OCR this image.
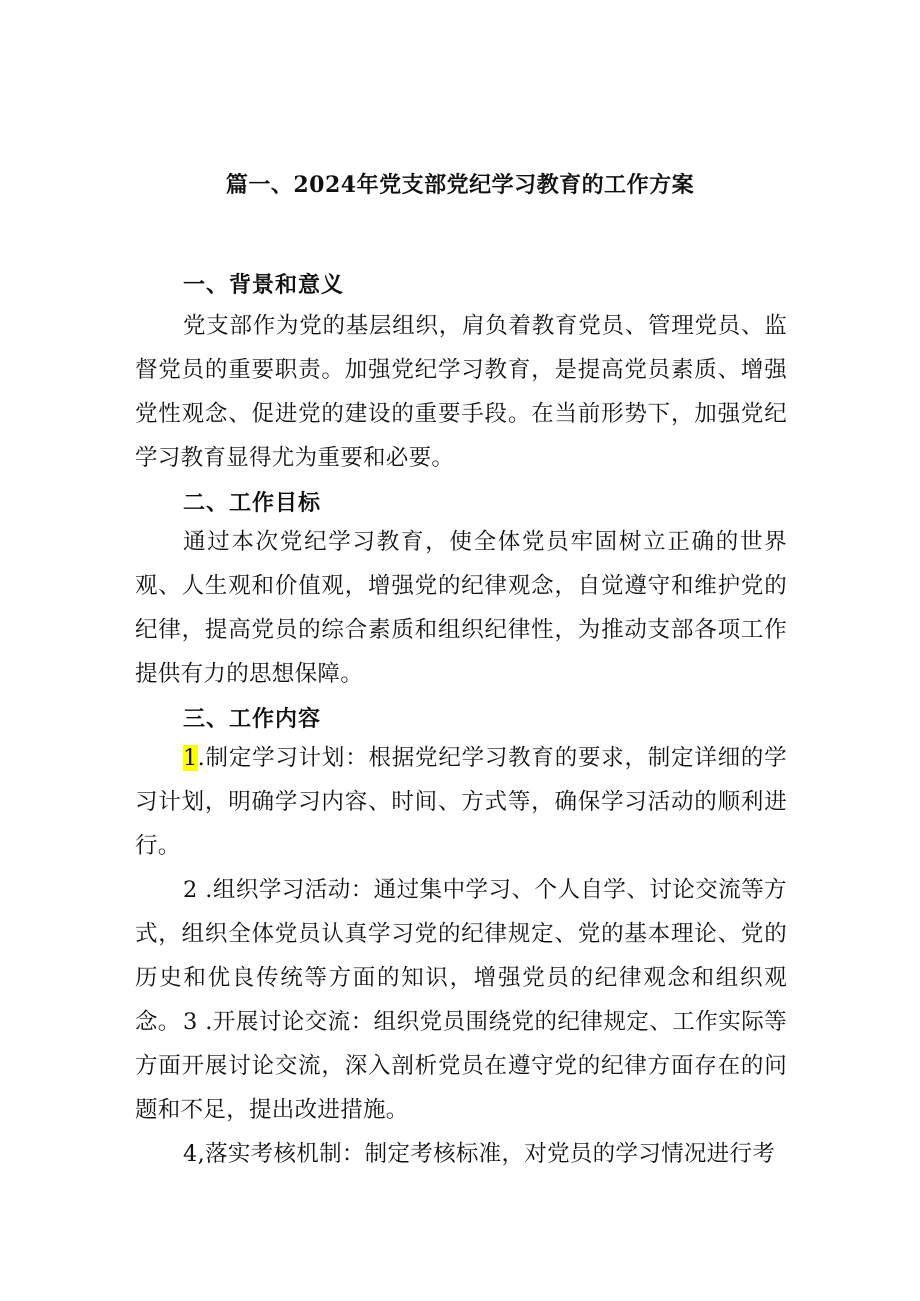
篇一、2024年党支部党纪学习教育的工作方案
一、背景和意义
党支部作为党的基层组织，肩负着教育党员、管理党员、监督党员的重要职责。加强党纪学习教育，是提高党员素质、增强党性观念、促进党的建设的重要手段。在当前形势下，加强党纪学习教育显得尤为重要和必要。
二、工作目标
通过本次党纪学习教育，使全体党员牢固树立正确的世界观、人生观和价值观，增强党的纪律观念，自觉遵守和维护党的纪律，提高党员的综合素质和组织纪律性，为推动支部各项工作提供有力的思想保障。
三、工作内容
1.制定学习计划：根据党纪学习教育的要求，制定详细的学习计划，明确学习内容、时间、方式等，确保学习活动的顺利进行。
2 .组织学习活动：通过集中学习、个人自学、讨论交流等方式，组织全体党员认真学习党的纪律规定、党的基本理论、党的历史和优良传统等方面的知识，增强党员的纪律观念和组织观念。 3 .开展讨论交流：组织党员围绕党的纪律规定、工作实际等方面开展讨论交流，深入剖析党员在遵守党的纪律方面存在的问题和不足，提出改进措施。
4,落实考核机制：制定考核标准，对党员的学习情况进行考
